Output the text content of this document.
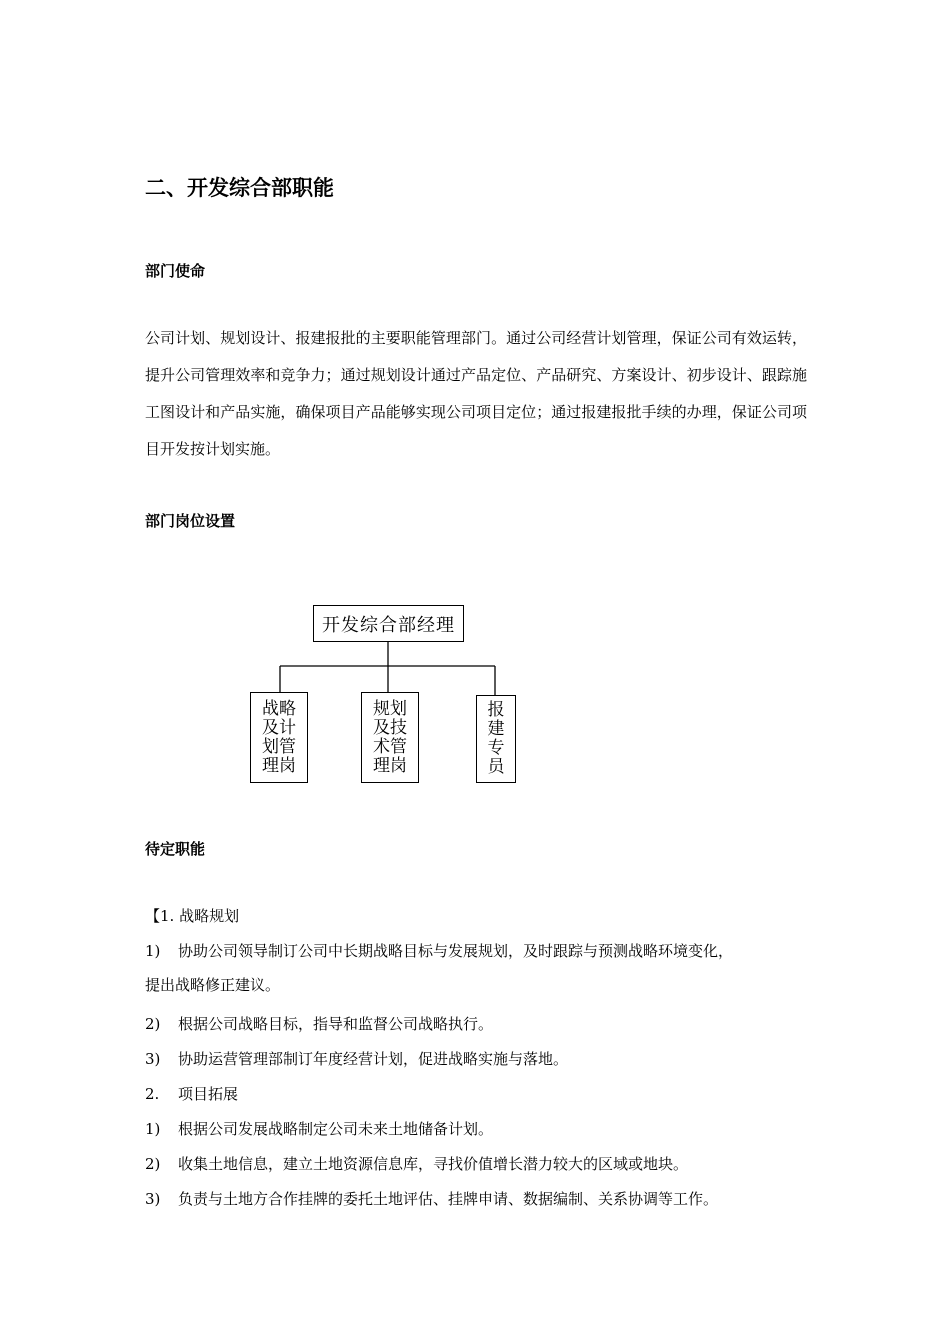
二、开发综合部职能
部门使命
公司计划、规划设计、报建报批的主要职能管理部门。通过公司经营计划管理，保证公司有效运转，提升公司管理效率和竞争力；通过规划设计通过产品定位、产品研究、方案设计、初步设计、跟踪施工图设计和产品实施，确保项目产品能够实现公司项目定位；通过报建报批手续的办理，保证公司项目开发按计划实施。
部门岗位设置
开发综合部经理
战略
及计
划管
理岗
规划
及技
术管
理岗
报
建
专
员
待定职能
【1. 战略规划
1) 协助公司领导制订公司中长期战略目标与发展规划，及时跟踪与预测战略环境变化，
提出战略修正建议。
2) 根据公司战略目标，指导和监督公司战略执行。
3) 协助运营管理部制订年度经营计划，促进战略实施与落地。
2. 项目拓展
1) 根据公司发展战略制定公司未来土地储备计划。
2) 收集土地信息，建立土地资源信息库，寻找价值增长潜力较大的区域或地块。
3) 负责与土地方合作挂牌的委托土地评估、挂牌申请、数据编制、关系协调等工作。
